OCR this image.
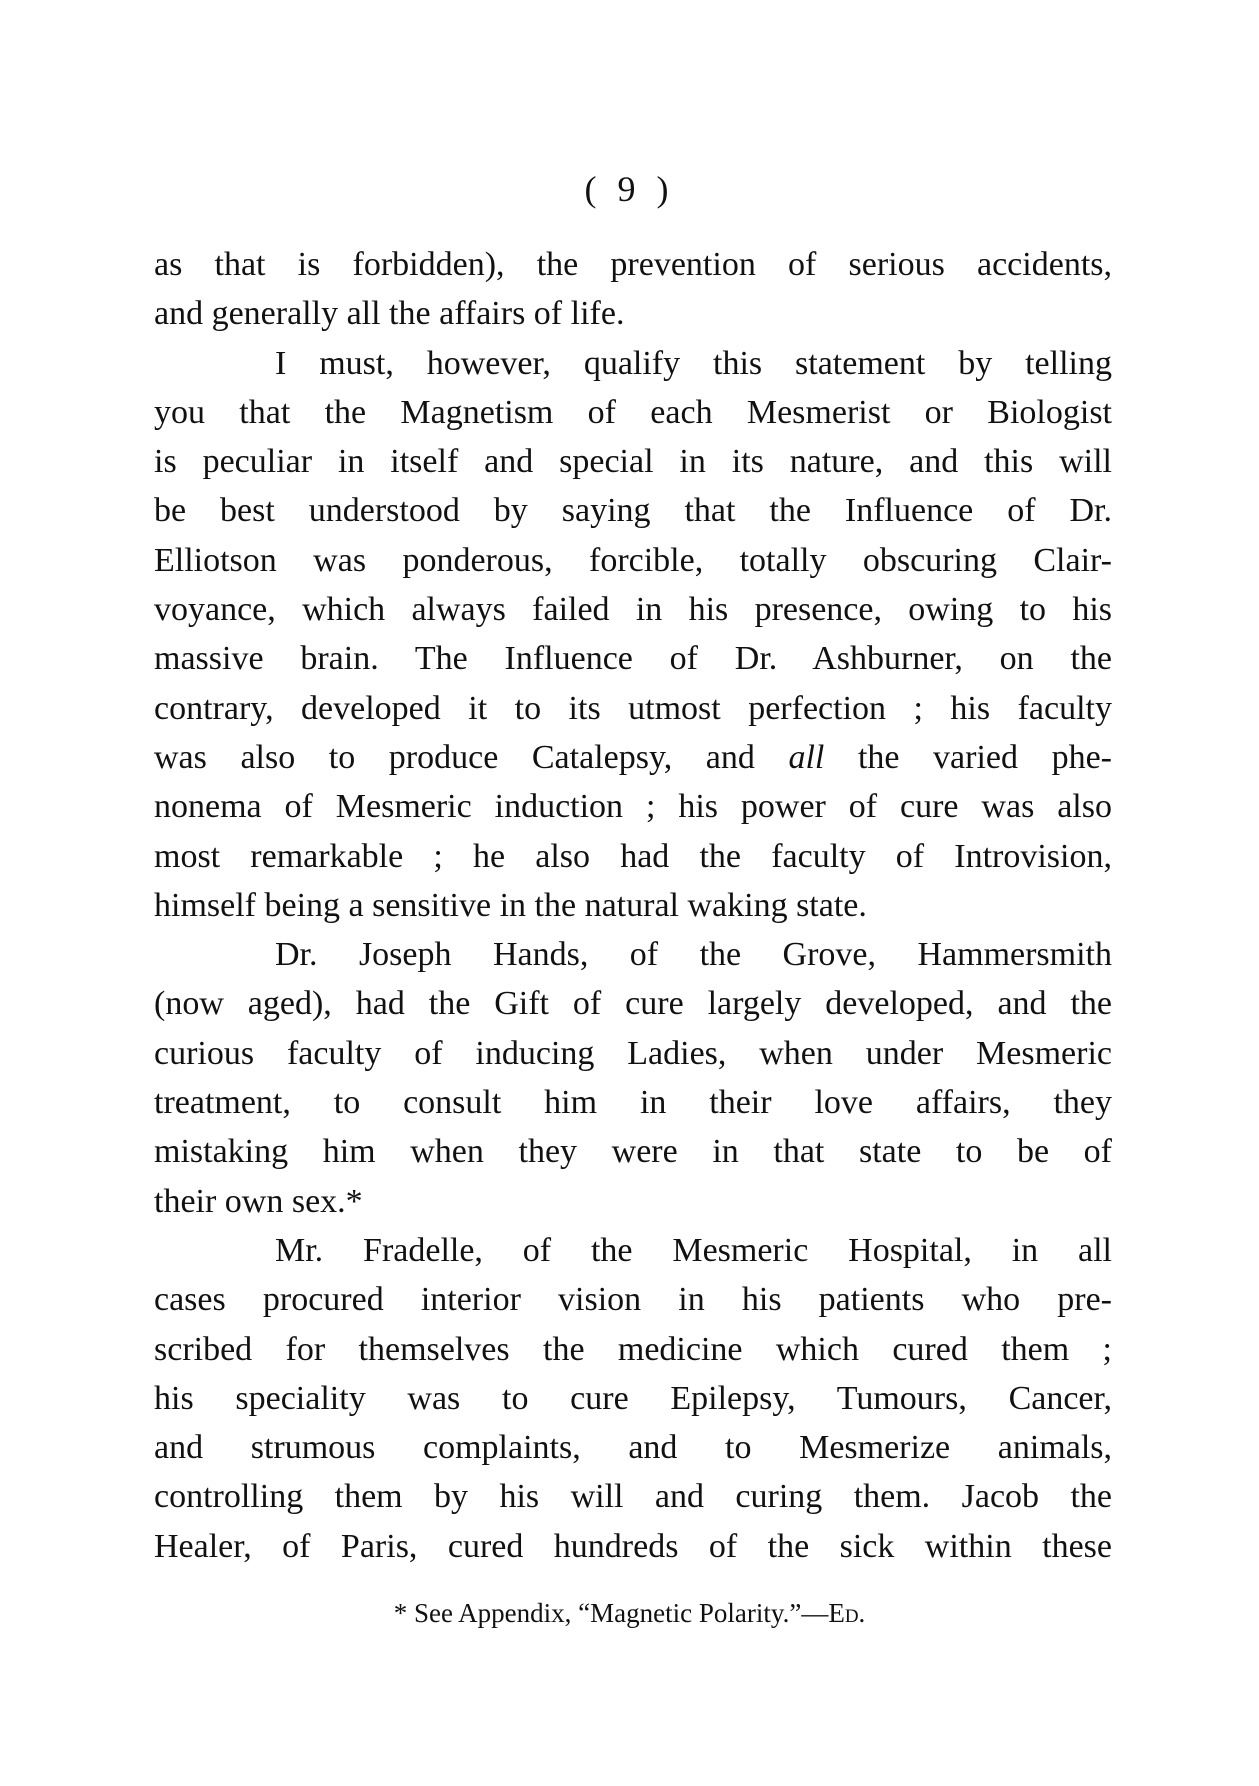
( 9 )

as that is forbidden), the prevention of serious accidents,
and generally all the affairs of life.

I must, however, qualify this statement by telling
you that the Magnetism of each Mesmerist or Biologist
is peculiar in itself and special in its nature, and this will
be best understood by saying that the Influence of Dr.
Elliotson was ponderous, forcible, totally obscuring Clair-
voyance, which always failed in his presence, owing to his
massive brain. The Influence of Dr. Ashburner, on the
contrary, developed it to its utmost perfection ; his faculty
was also to produce Catalepsy, and all the varied phe-
nonema of Mesmeric induction ; his power of cure was also
most remarkable ; he also had the faculty of Introvision,
himself being a sensitive in the natural waking state.

Dr. Joseph Hands, of the Grove, Hammersmith
(now aged), had the Gift of cure largely developed, and the
curious faculty of inducing Ladies, when under Mesmeric
treatment, to consult him in their love affairs, they
mistaking him when they were in that state to be of
their own sex.*

Mr. Fradelle, of the Mesmeric Hospital, in all
cases procured interior vision in his patients who pre-
scribed for themselves the medicine which cured them ;
his speciality was to cure Epilepsy, Tumours, Cancer,
and strumous complaints, and to Mesmerize animals,
controlling them by his will and curing them. Jacob the
Healer, of Paris, cured hundreds of the sick within these

* See Appendix, “Magnetic Polarity.”—Ed.
